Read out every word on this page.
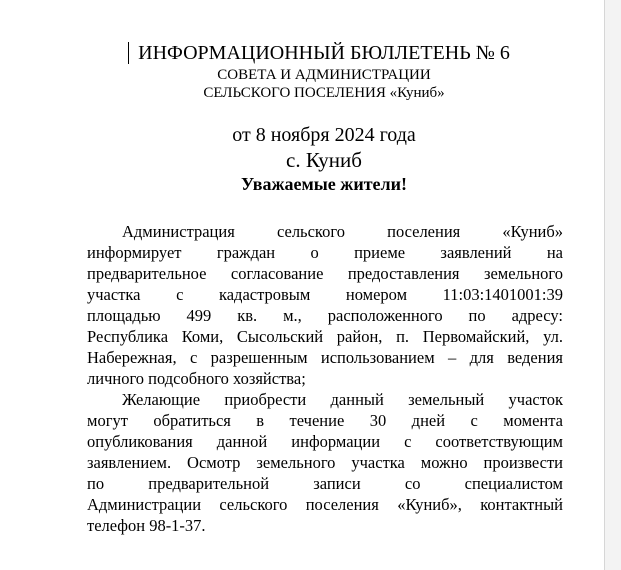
ИНФОРМАЦИОННЫЙ БЮЛЛЕТЕНЬ № 6
СОВЕТА И АДМИНИСТРАЦИИ
СЕЛЬСКОГО ПОСЕЛЕНИЯ «Куниб»
от 8 ноября 2024 года
с. Куниб
Уважаемые жители!
Администрация сельского поселения «Куниб»
информирует граждан о приеме заявлений на
предварительное согласование предоставления земельного
участка с кадастровым номером 11:03:1401001:39
площадью 499 кв. м., расположенного по адресу:
Республика Коми, Сысольский район, п. Первомайский, ул.
Набережная, с разрешенным использованием – для ведения
личного подсобного хозяйства;
Желающие приобрести данный земельный участок
могут обратиться в течение 30 дней с момента
опубликования данной информации с соответствующим
заявлением. Осмотр земельного участка можно произвести
по предварительной записи со специалистом
Администрации сельского поселения «Куниб», контактный
телефон 98-1-37.
